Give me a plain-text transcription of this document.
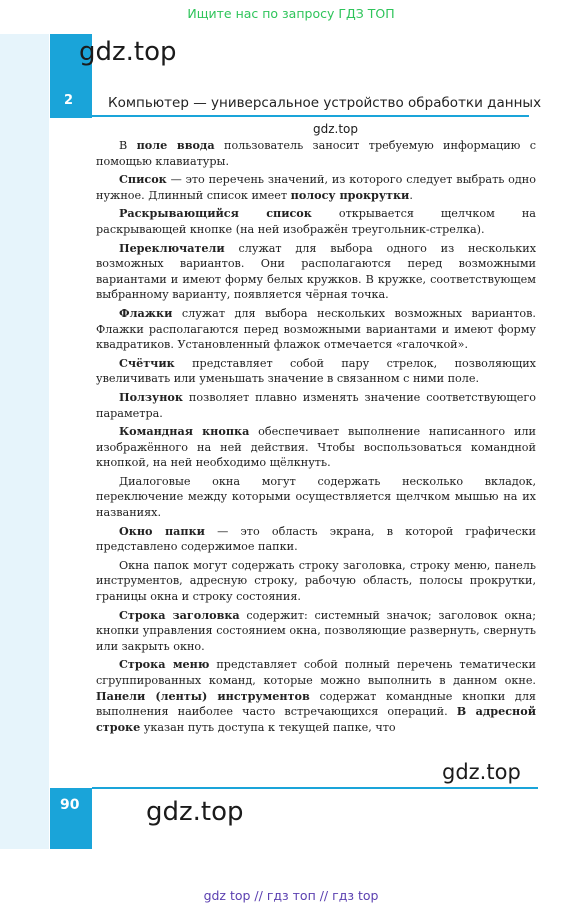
Ищите нас по запросу ГДЗ ТОП
2
gdz.top
Компьютер — универсальное устройство обработки данных
gdz.top

В поле ввода пользователь заносит требуемую информацию с помощью клавиатуры.

Список — это перечень значений, из которого следует выбрать одно нужное. Длинный список имеет полосу прокрутки.

Раскрывающийся список открывается щелчком на раскрывающей кнопке (на ней изображён треугольник-стрелка).

Переключатели служат для выбора одного из нескольких возможных вариантов. Они располагаются перед возможными вариантами и имеют форму белых кружков. В кружке, соответствующем выбранному варианту, появляется чёрная точка.

Флажки служат для выбора нескольких возможных вариантов. Флажки располагаются перед возможными вариантами и имеют форму квадратиков. Установленный флажок отмечается «галочкой».

Счётчик представляет собой пару стрелок, позволяющих увеличивать или уменьшать значение в связанном с ними поле.

Ползунок позволяет плавно изменять значение соответствующего параметра.

Командная кнопка обеспечивает выполнение написанного или изображённого на ней действия. Чтобы воспользоваться командной кнопкой, на ней необходимо щёлкнуть.

Диалоговые окна могут содержать несколько вкладок, переключение между которыми осуществляется щелчком мышью на их названиях.

Окно папки — это область экрана, в которой графически представлено содержимое папки.

Окна папок могут содержать строку заголовка, строку меню, панель инструментов, адресную строку, рабочую область, полосы прокрутки, границы окна и строку состояния.

Строка заголовка содержит: системный значок; заголовок окна; кнопки управления состоянием окна, позволяющие развернуть, свернуть или закрыть окно.

Строка меню представляет собой полный перечень тематически сгруппированных команд, которые можно выполнить в данном окне. Панели (ленты) инструментов содержат командные кнопки для выполнения наиболее часто встречающихся операций. В адресной строке указан путь доступа к текущей папке, что

gdz.top
90	gdz.top
gdz top // гдз топ // гдз top
